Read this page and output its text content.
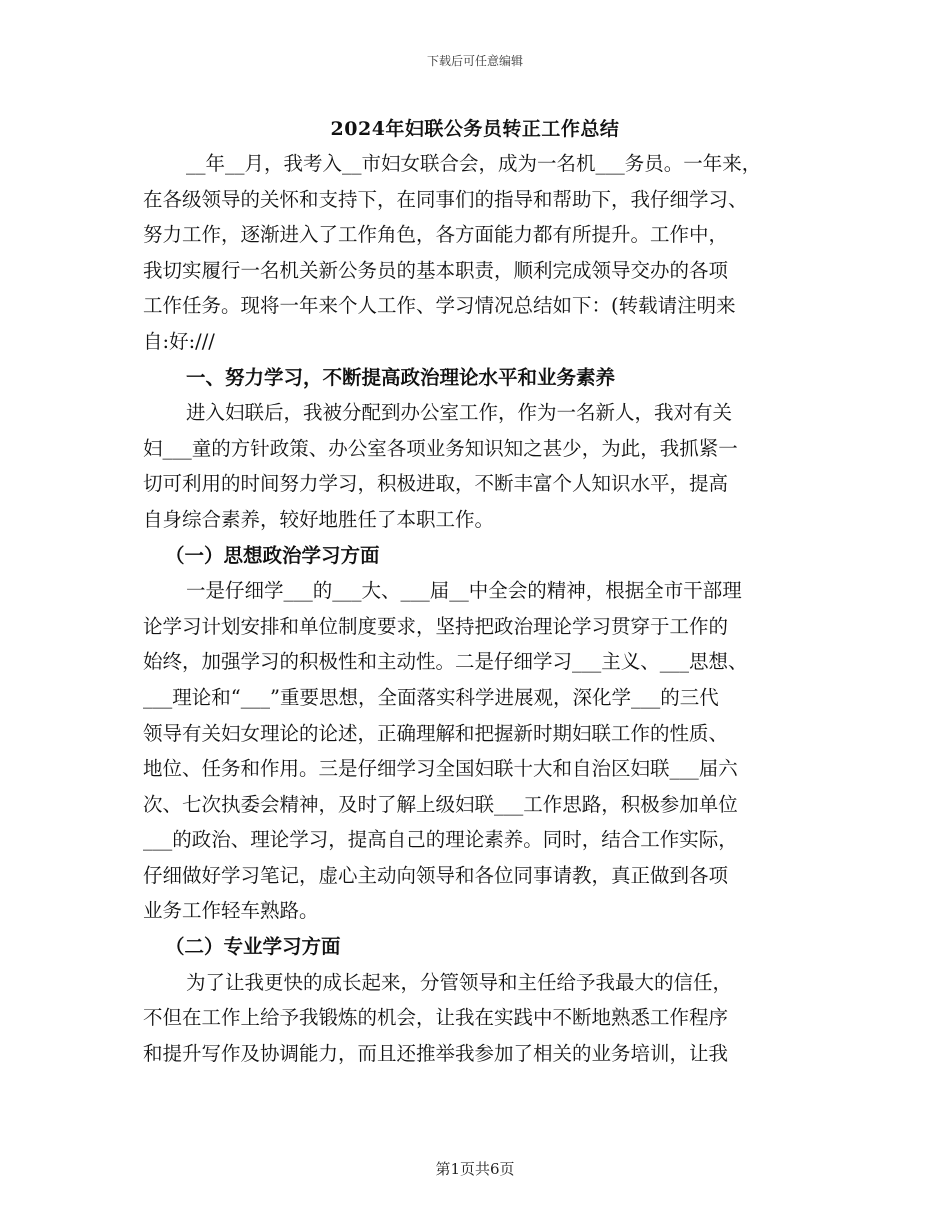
下载后可任意编辑
2024年妇联公务员转正工作总结
__年__月，我考入__市妇女联合会，成为一名机___务员。一年来，
在各级领导的关怀和支持下，在同事们的指导和帮助下，我仔细学习、
努力工作，逐渐进入了工作角色，各方面能力都有所提升。工作中，
我切实履行一名机关新公务员的基本职责，顺利完成领导交办的各项
工作任务。现将一年来个人工作、学习情况总结如下：(转载请注明来
自:好:///
一、努力学习，不断提高政治理论水平和业务素养
进入妇联后，我被分配到办公室工作，作为一名新人，我对有关
妇___童的方针政策、办公室各项业务知识知之甚少，为此，我抓紧一
切可利用的时间努力学习，积极进取，不断丰富个人知识水平，提高
自身综合素养，较好地胜任了本职工作。
（一）思想政治学习方面
一是仔细学___的___大、___届__中全会的精神，根据全市干部理
论学习计划安排和单位制度要求，坚持把政治理论学习贯穿于工作的
始终，加强学习的积极性和主动性。二是仔细学习___主义、___思想、
___理论和“___”重要思想，全面落实科学进展观，深化学___的三代
领导有关妇女理论的论述，正确理解和把握新时期妇联工作的性质、
地位、任务和作用。三是仔细学习全国妇联十大和自治区妇联___届六
次、七次执委会精神，及时了解上级妇联___工作思路，积极参加单位
___的政治、理论学习，提高自己的理论素养。同时，结合工作实际，
仔细做好学习笔记，虚心主动向领导和各位同事请教，真正做到各项
业务工作轻车熟路。
（二）专业学习方面
为了让我更快的成长起来，分管领导和主任给予我最大的信任，
不但在工作上给予我锻炼的机会，让我在实践中不断地熟悉工作程序
和提升写作及协调能力，而且还推举我参加了相关的业务培训，让我
第1页共6页
